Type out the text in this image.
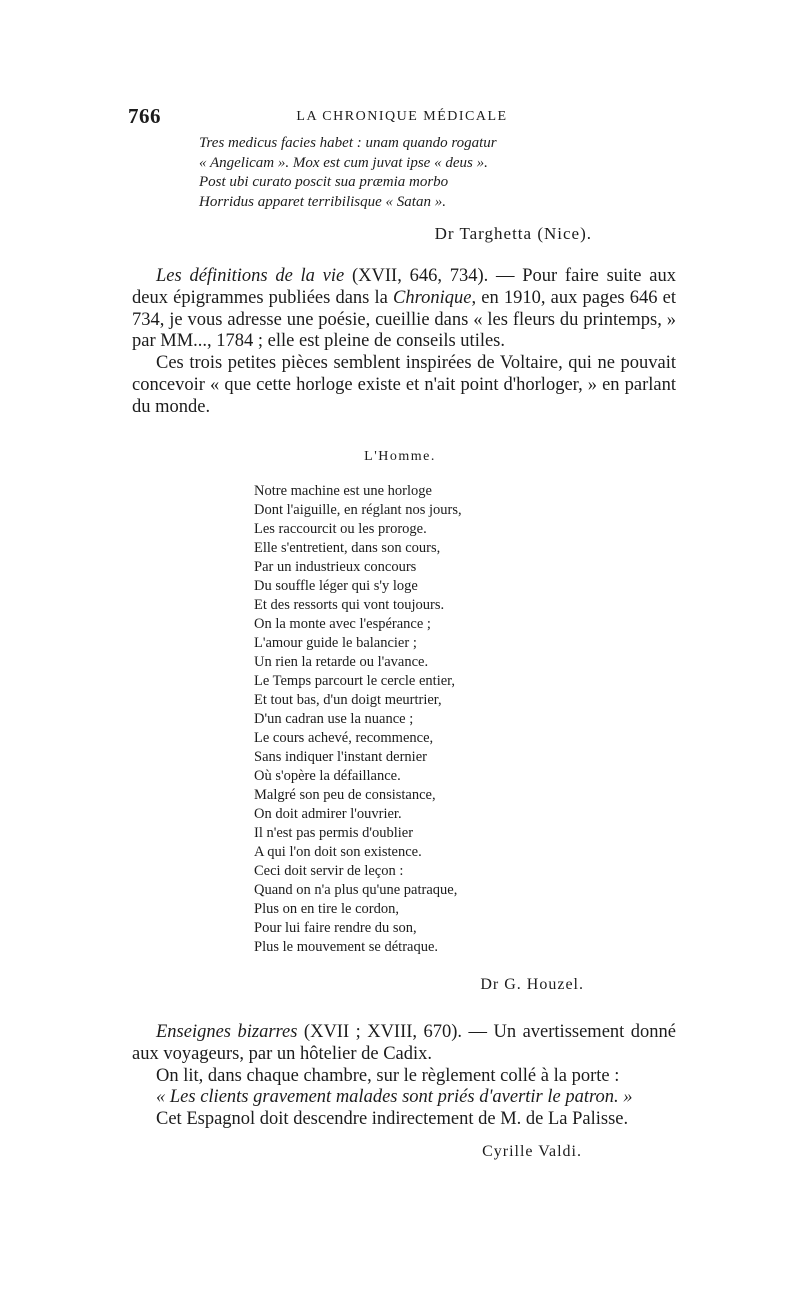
766	LA CHRONIQUE MÉDICALE
Tres medicus facies habet : unam quando rogatur
« Angelicam ». Mox est cum juvat ipse « deus ».
Post ubi curato poscit sua præmia morbo
Horridus apparet terribilisque « Satan ».
Dr Targhetta (Nice).

Les définitions de la vie (XVII, 646, 734). — Pour faire suite aux deux épigrammes publiées dans la Chronique, en 1910, aux pages 646 et 734, je vous adresse une poésie, cueillie dans « les fleurs du printemps, » par MM..., 1784 ; elle est pleine de conseils utiles.

Ces trois petites pièces semblent inspirées de Voltaire, qui ne pouvait concevoir « que cette horloge existe et n'ait point d'horloger, » en parlant du monde.

L'Homme.
Notre machine est une horloge
Dont l'aiguille, en réglant nos jours,
Les raccourcit ou les proroge.
Elle s'entretient, dans son cours,
Par un industrieux concours
Du souffle léger qui s'y loge
Et des ressorts qui vont toujours.
On la monte avec l'espérance ;
L'amour guide le balancier ;
Un rien la retarde ou l'avance.
Le Temps parcourt le cercle entier,
Et tout bas, d'un doigt meurtrier,
D'un cadran use la nuance ;
Le cours achevé, recommence,
Sans indiquer l'instant dernier
Où s'opère la défaillance.
Malgré son peu de consistance,
On doit admirer l'ouvrier.
Il n'est pas permis d'oublier
A qui l'on doit son existence.
Ceci doit servir de leçon :
Quand on n'a plus qu'une patraque,
Plus on en tire le cordon,
Pour lui faire rendre du son,
Plus le mouvement se détraque.
Dr G. Houzel.

Enseignes bizarres (XVII ; XVIII, 670). — Un avertissement donné aux voyageurs, par un hôtelier de Cadix.

On lit, dans chaque chambre, sur le règlement collé à la porte :

« Les clients gravement malades sont priés d'avertir le patron. »

Cet Espagnol doit descendre indirectement de M. de La Palisse.

Cyrille Valdi.
